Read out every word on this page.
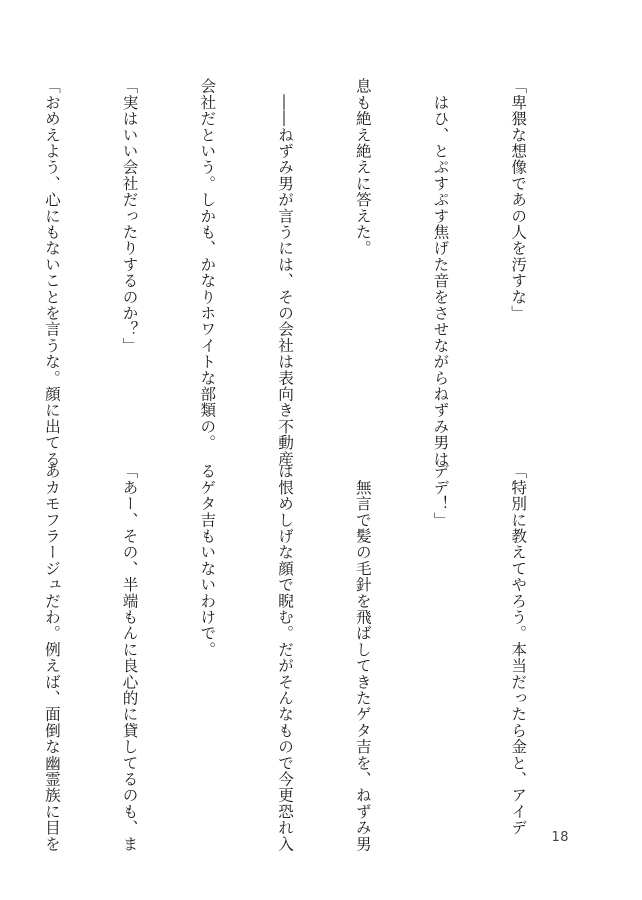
「卑猥な想像であの人を汚すな」

　はひ、とぷすぷす焦げた音をさせながらねずみ男は

息も絶え絶えに答えた。

　――ねずみ男が言うには、その会社は表向き不動産

会社だという。しかも、かなりホワイトな部類の。

「実はいい会社だったりするのか？」

「おめえよう、心にもないことを言うな。顔に出てる

「特別に教えてやろう。本当だったら金と、アイデ

デデ！」

　無言で髪の毛針を飛ばしてきたゲタ吉を、ねずみ男

は恨めしげな顔で睨む。だがそんなもので今更恐れ入

るゲタ吉もいないわけで。

「あー、その、半端もんに良心的に貸してるのも、ま

あカモフラージュだわ。例えば、面倒な幽霊族に目を

	18
